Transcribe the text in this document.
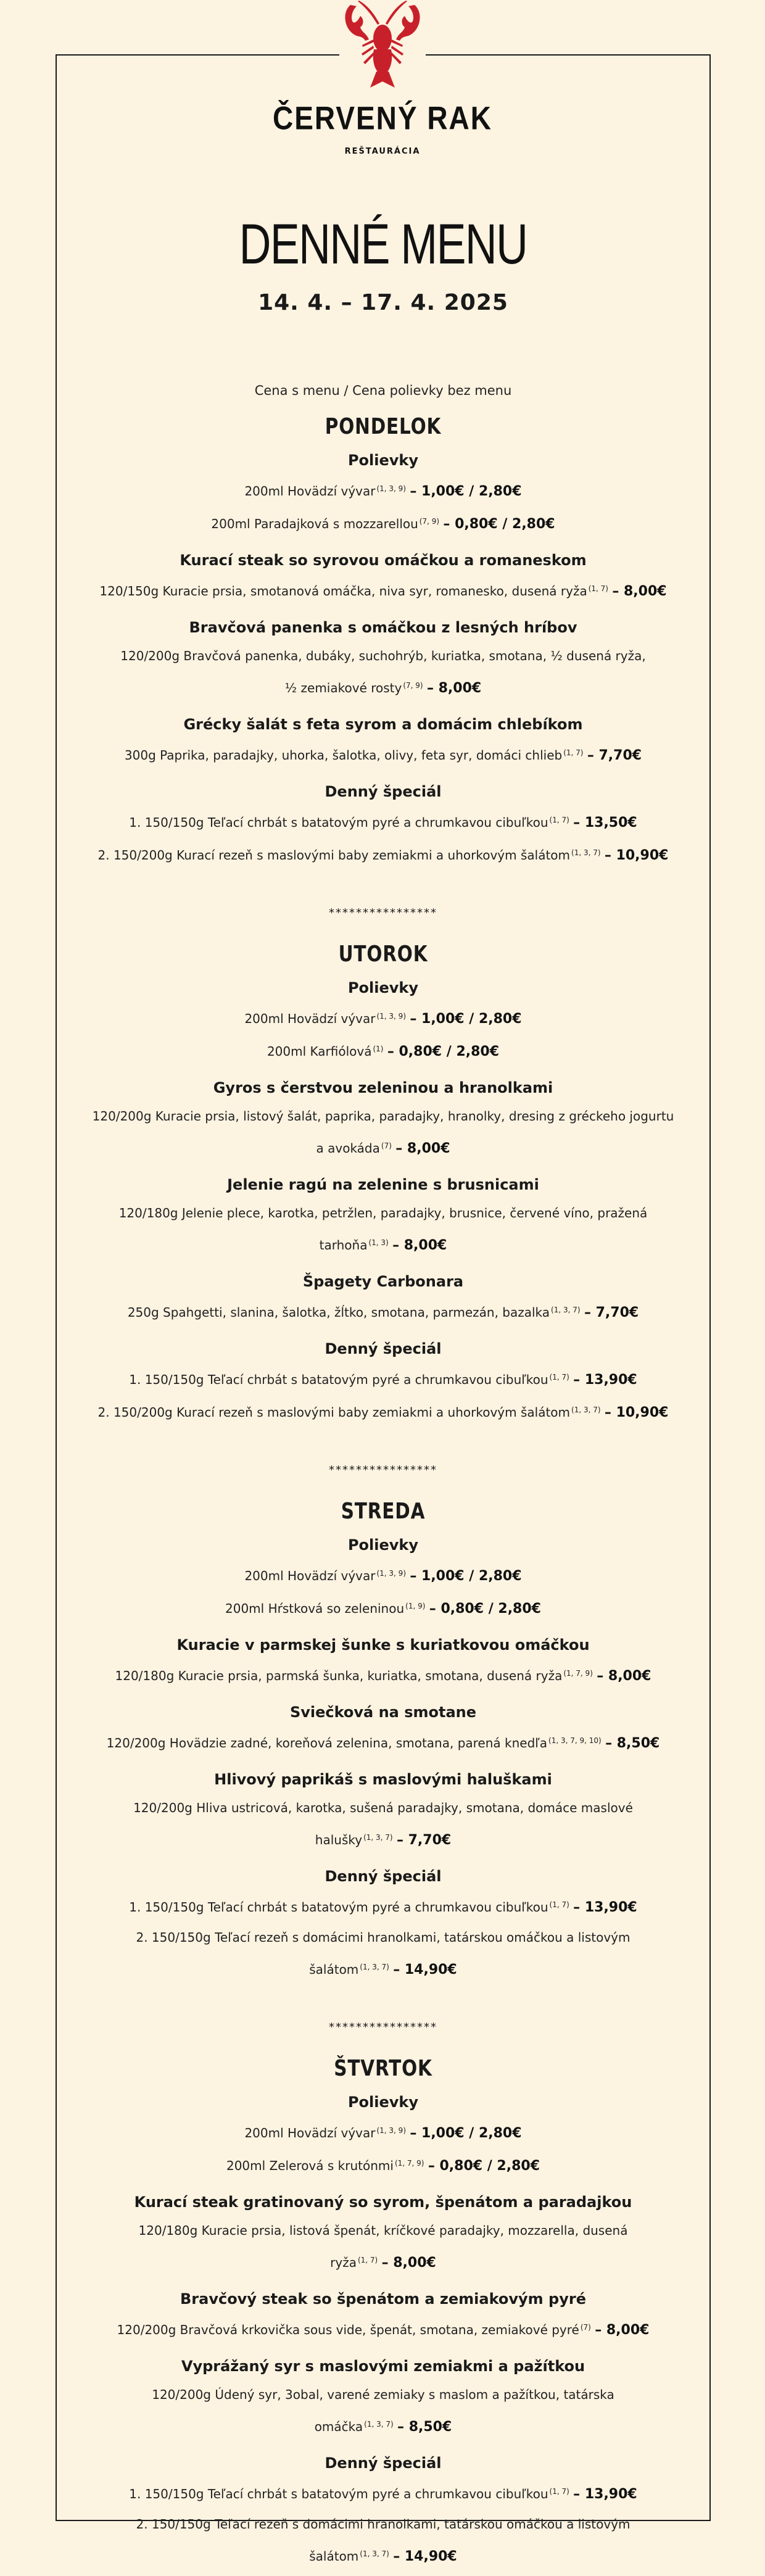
ČERVENÝ RAK
REŠTAURÁCIA
DENNÉ MENU
14. 4. – 17. 4. 2025
Cena s menu / Cena polievky bez menu
PONDELOK
Polievky
200ml Hovädzí vývar $^{(1, 3, 9)}$ – 1,00€ / 2,80€
200ml Paradajková s mozzarellou $^{(7, 9)}$ – 0,80€ / 2,80€
Kurací steak so syrovou omáčkou a romaneskom
120/150g Kuracie prsia, smotanová omáčka, niva syr, romanesko, dusená ryža $^{(1, 7)}$ – 8,00€
Bravčová panenka s omáčkou z lesných hríbov
120/200g Bravčová panenka, dubáky, suchohrýb, kuriatka, smotana, ½ dusená ryža,
½ zemiakové rosty $^{(7, 9)}$ – 8,00€
Grécky šalát s feta syrom a domácim chlebíkom
300g Paprika, paradajky, uhorka, šalotka, olivy, feta syr, domáci chlieb $^{(1, 7)}$ – 7,70€
Denný špeciál
1. 150/150g Teľací chrbát s batatovým pyré a chrumkavou cibuľkou $^{(1, 7)}$ – 13,50€
2. 150/200g Kurací rezeň s maslovými baby zemiakmi a uhorkovým šalátom $^{(1, 3, 7)}$ – 10,90€
****************
UTOROK
Polievky
200ml Hovädzí vývar $^{(1, 3, 9)}$ – 1,00€ / 2,80€
200ml Karfiólová $^{(1)}$ – 0,80€ / 2,80€
Gyros s čerstvou zeleninou a hranolkami
120/200g Kuracie prsia, listový šalát, paprika, paradajky, hranolky, dresing z gréckeho jogurtu
a avokáda $^{(7)}$ – 8,00€
Jelenie ragú na zelenine s brusnicami
120/180g Jelenie plece, karotka, petržlen, paradajky, brusnice, červené víno, pražená
tarhoňa $^{(1, 3)}$ – 8,00€
Špagety Carbonara
250g Spahgetti, slanina, šalotka, žĺtko, smotana, parmezán, bazalka $^{(1, 3, 7)}$ – 7,70€
Denný špeciál
1. 150/150g Teľací chrbát s batatovým pyré a chrumkavou cibuľkou $^{(1, 7)}$ – 13,90€
2. 150/200g Kurací rezeň s maslovými baby zemiakmi a uhorkovým šalátom $^{(1, 3, 7)}$ – 10,90€
****************
STREDA
Polievky
200ml Hovädzí vývar $^{(1, 3, 9)}$ – 1,00€ / 2,80€
200ml Hŕstková so zeleninou $^{(1, 9)}$ – 0,80€ / 2,80€
Kuracie v parmskej šunke s kuriatkovou omáčkou
120/180g Kuracie prsia, parmská šunka, kuriatka, smotana, dusená ryža $^{(1, 7, 9)}$ – 8,00€
Sviečková na smotane
120/200g Hovädzie zadné, koreňová zelenina, smotana, parená knedľa $^{(1, 3, 7, 9, 10)}$ – 8,50€
Hlivový paprikáš s maslovými haluškami
120/200g Hliva ustricová, karotka, sušená paradajky, smotana, domáce maslové
halušky $^{(1, 3, 7)}$ – 7,70€
Denný špeciál
1. 150/150g Teľací chrbát s batatovým pyré a chrumkavou cibuľkou $^{(1, 7)}$ – 13,90€
2. 150/150g Teľací rezeň s domácimi hranolkami, tatárskou omáčkou a listovým
šalátom $^{(1, 3, 7)}$ – 14,90€
****************
ŠTVRTOK
Polievky
200ml Hovädzí vývar $^{(1, 3, 9)}$ – 1,00€ / 2,80€
200ml Zelerová s krutónmi $^{(1, 7, 9)}$ – 0,80€ / 2,80€
Kurací steak gratinovaný so syrom, špenátom a paradajkou
120/180g Kuracie prsia, listová špenát, kríčkové paradajky, mozzarella, dusená
ryža $^{(1, 7)}$ – 8,00€
Bravčový steak so špenátom a zemiakovým pyré
120/200g Bravčová krkovička sous vide, špenát, smotana, zemiakové pyré $^{(7)}$ – 8,00€
Vyprážaný syr s maslovými zemiakmi a pažítkou
120/200g Údený syr, 3obal, varené zemiaky s maslom a pažítkou, tatárska
omáčka $^{(1, 3, 7)}$ – 8,50€
Denný špeciál
1. 150/150g Teľací chrbát s batatovým pyré a chrumkavou cibuľkou $^{(1, 7)}$ – 13,90€
2. 150/150g Teľací rezeň s domácimi hranolkami, tatárskou omáčkou a listovým
šalátom $^{(1, 3, 7)}$ – 14,90€
